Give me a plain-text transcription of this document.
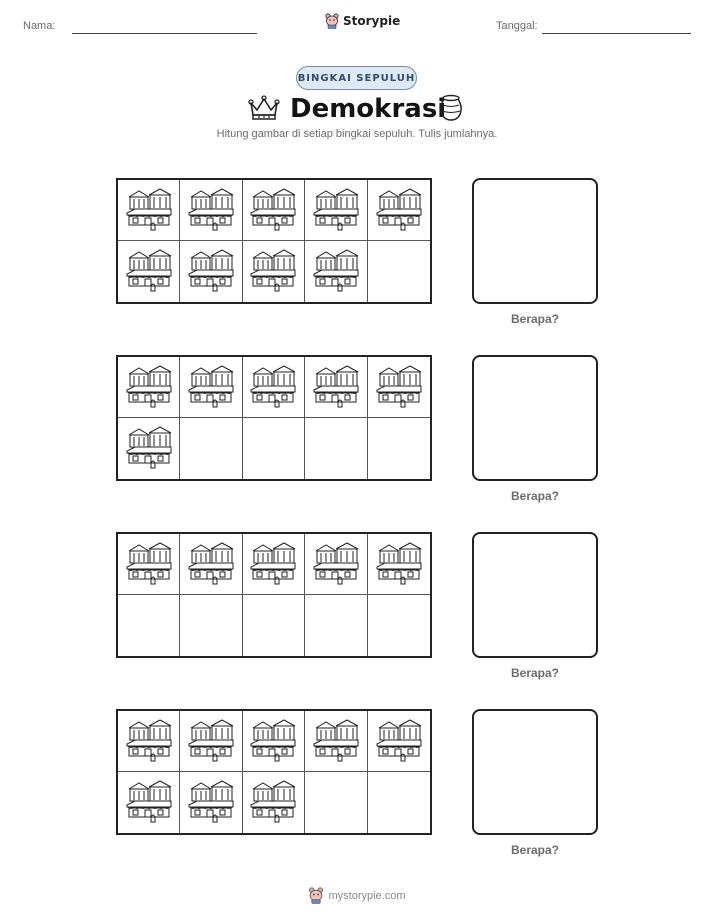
Nama:	Storypie	Tanggal:
BINGKAI SEPULUH
Demokrasi
Hitung gambar di setiap bingkai sepuluh. Tulis jumlahnya.
Berapa?
Berapa?
Berapa?
Berapa?
mystorypie.com
